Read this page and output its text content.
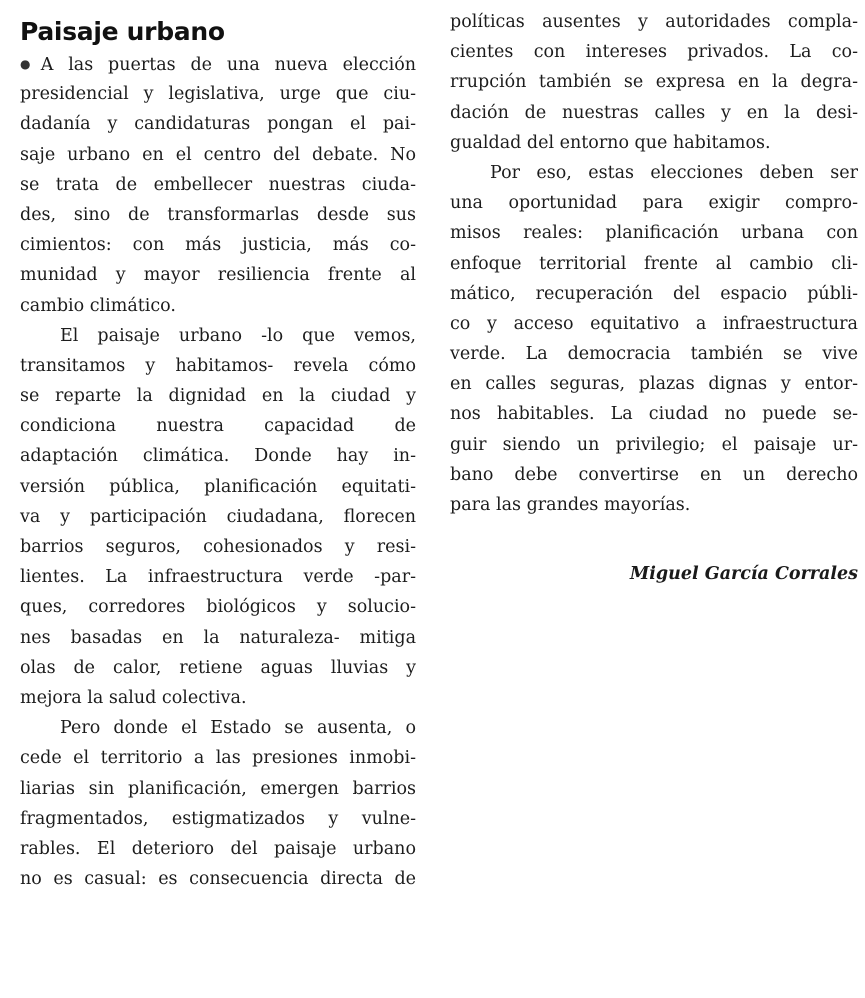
Paisaje urbano
●A las puertas de una nueva elección
presidencial y legislativa, urge que ciu-
dadanía y candidaturas pongan el pai-
saje urbano en el centro del debate. No
se trata de embellecer nuestras ciuda-
des, sino de transformarlas desde sus
cimientos: con más justicia, más co-
munidad y mayor resiliencia frente al
cambio climático.
El paisaje urbano -lo que vemos,
transitamos y habitamos- revela cómo
se reparte la dignidad en la ciudad y
condiciona nuestra capacidad de
adaptación climática. Donde hay in-
versión pública, planificación equitati-
va y participación ciudadana, florecen
barrios seguros, cohesionados y resi-
lientes. La infraestructura verde -par-
ques, corredores biológicos y solucio-
nes basadas en la naturaleza- mitiga
olas de calor, retiene aguas lluvias y
mejora la salud colectiva.
Pero donde el Estado se ausenta, o
cede el territorio a las presiones inmobi-
liarias sin planificación, emergen barrios
fragmentados, estigmatizados y vulne-
rables. El deterioro del paisaje urbano
no es casual: es consecuencia directa de
políticas ausentes y autoridades compla-
cientes con intereses privados. La co-
rrupción también se expresa en la degra-
dación de nuestras calles y en la desi-
gualdad del entorno que habitamos.
Por eso, estas elecciones deben ser
una oportunidad para exigir compro-
misos reales: planificación urbana con
enfoque territorial frente al cambio cli-
mático, recuperación del espacio públi-
co y acceso equitativo a infraestructura
verde. La democracia también se vive
en calles seguras, plazas dignas y entor-
nos habitables. La ciudad no puede se-
guir siendo un privilegio; el paisaje ur-
bano debe convertirse en un derecho
para las grandes mayorías.
Miguel García Corrales
